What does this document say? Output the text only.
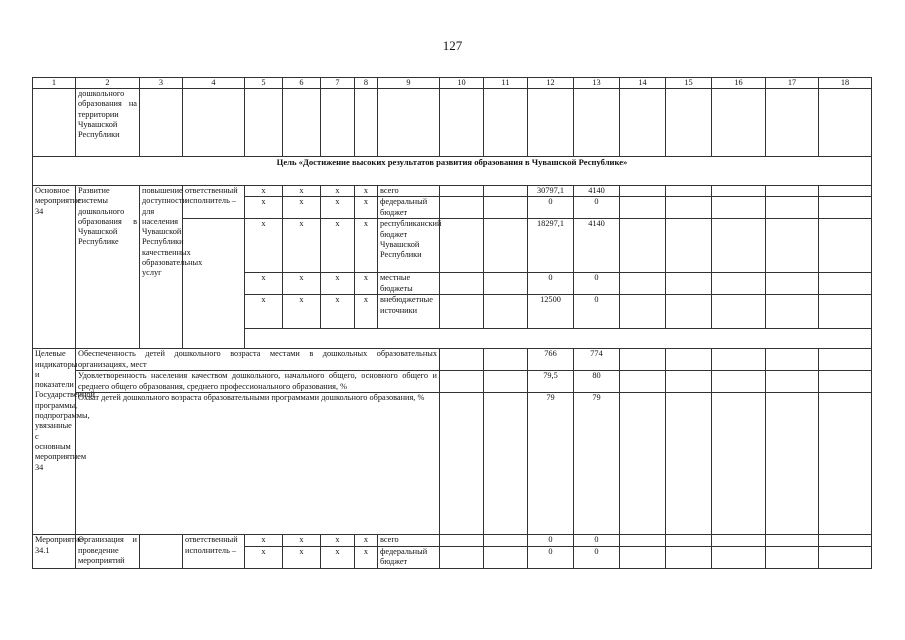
127
1	2	3	4	5	6	7	8	9	10	11	12	13	14	15	16	17	18
	дошкольного образования на территории Чувашской Республики																
Цель «Достижение высоких результатов развития образования в Чувашской Республике»																	
Основное мероприятие 34	Развитие системы дошкольного образования в Чувашской Республике	повышение доступности для населения Чувашской Республики качественных образовательных услуг	ответственный исполнитель –	x	x	x	x	всего			30797,1	4140					
				x	x	x	x	федеральный бюджет			0	0					
				x	x	x	x	республиканский бюджет Чувашской Республики			18297,1	4140					
				x	x	x	x	местные бюджеты			0	0					
				x	x	x	x	внебюджетные источники			12500	0					

Целевые индикаторы и показатели Государственной программы, подпрограммы, увязанные с основным мероприятием 34	Обеспеченность детей дошкольного возраста местами в дошкольных образовательных организациях, мест										766	774					
	Удовлетворенность населения качеством дошкольного, начального общего, основного общего и среднего общего образования, среднего профессионального образования, %										79,5	80					
	Охват детей дошкольного возраста образовательными программами дошкольного образования, %										79	79					
Мероприятие 34.1	Организация и проведение мероприятий		ответственный исполнитель –	x	x	x	x	всего			0	0					
				x	x	x	x	федеральный бюджет			0	0					
